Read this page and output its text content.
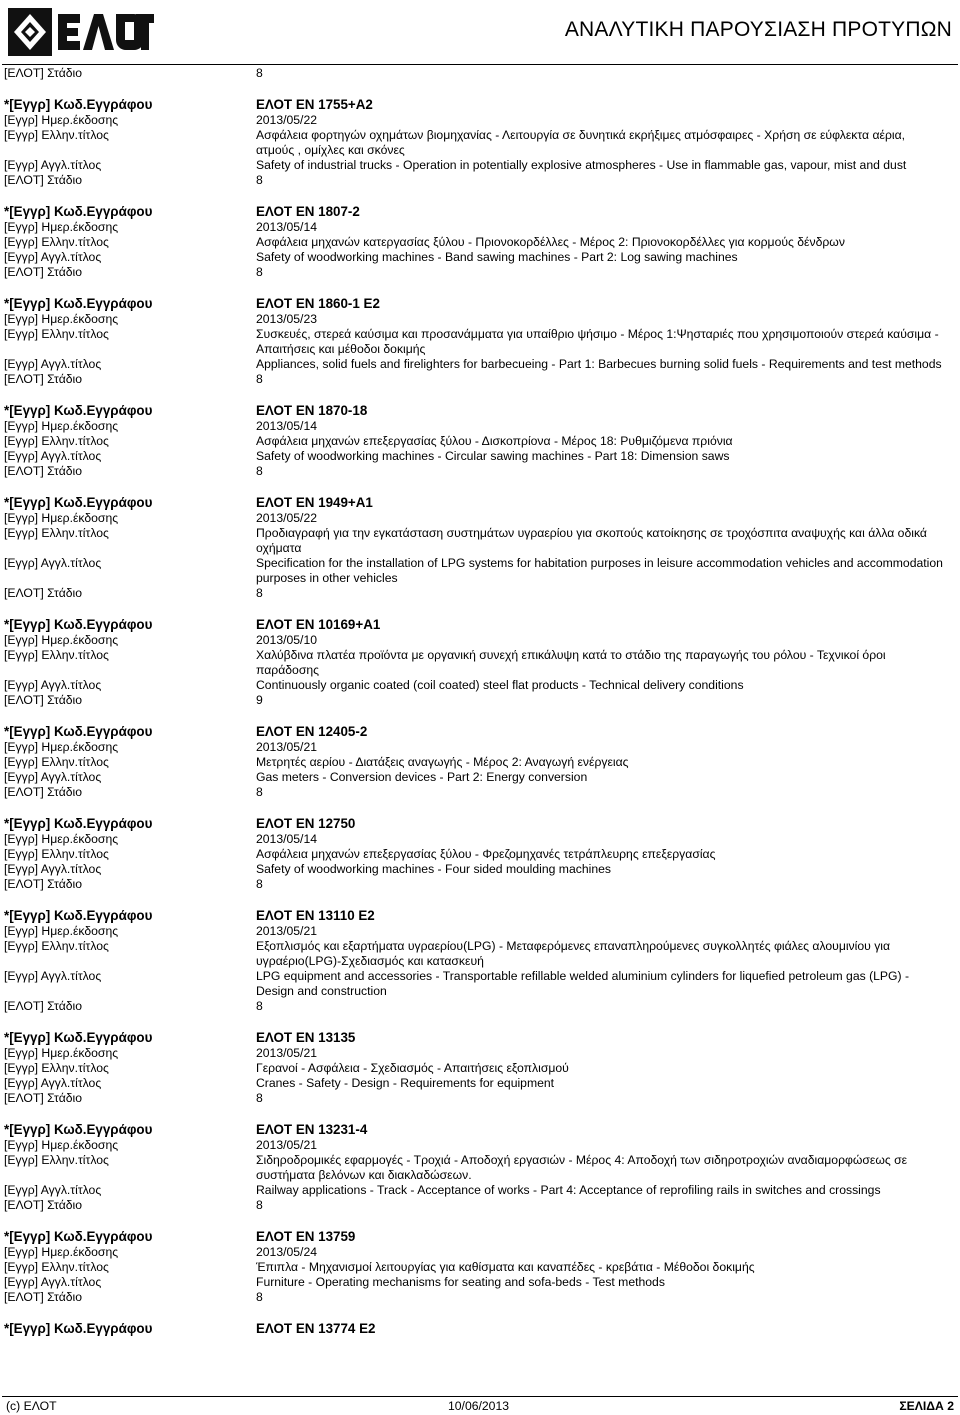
ΑΝΑΛΥΤΙΚΗ ΠΑΡΟΥΣΙΑΣΗ ΠΡΟΤΥΠΩΝ
[ΕΛΟΤ] Στάδιο	8
*[Εγγρ] Κωδ.Εγγράφου	ΕΛΟΤ EN 1755+A2
[Εγγρ] Ημερ.έκδοσης	2013/05/22
[Εγγρ] Ελλην.τίτλος	Ασφάλεια φορτηγών οχημάτων βιομηχανίας - Λειτουργία σε δυνητικά εκρήξιμες ατμόσφαιρες - Χρήση σε εύφλεκτα αέρια, ατμούς , ομίχλες και σκόνες
[Εγγρ] Αγγλ.τίτλος	Safety of industrial trucks - Operation in potentially explosive atmospheres - Use in flammable gas, vapour, mist and dust
[ΕΛΟΤ] Στάδιο	8
*[Εγγρ] Κωδ.Εγγράφου	ΕΛΟΤ EN 1807-2
[Εγγρ] Ημερ.έκδοσης	2013/05/14
[Εγγρ] Ελλην.τίτλος	Ασφάλεια μηχανών κατεργασίας ξύλου - Πριονοκορδέλλες - Μέρος 2: Πριονοκορδέλλες για κορμούς δένδρων
[Εγγρ] Αγγλ.τίτλος	Safety of woodworking machines - Band sawing machines - Part 2: Log sawing machines
[ΕΛΟΤ] Στάδιο	8
*[Εγγρ] Κωδ.Εγγράφου	ΕΛΟΤ EN 1860-1 E2
[Εγγρ] Ημερ.έκδοσης	2013/05/23
[Εγγρ] Ελλην.τίτλος	Συσκευές, στερεά καύσιμα και προσανάμματα για υπαίθριο ψήσιμο - Μέρος 1:Ψησταριές που χρησιμοποιούν στερεά καύσιμα - Απαιτήσεις και μέθοδοι δοκιμής
[Εγγρ] Αγγλ.τίτλος	Appliances, solid fuels and firelighters for barbecueing - Part 1: Barbecues burning solid fuels - Requirements and test methods
[ΕΛΟΤ] Στάδιο	8
*[Εγγρ] Κωδ.Εγγράφου	ΕΛΟΤ EN 1870-18
[Εγγρ] Ημερ.έκδοσης	2013/05/14
[Εγγρ] Ελλην.τίτλος	Ασφάλεια μηχανών επεξεργασίας ξύλου - Δισκοπρίονα - Μέρος 18: Ρυθμιζόμενα πριόνια
[Εγγρ] Αγγλ.τίτλος	Safety of woodworking machines - Circular sawing machines - Part 18: Dimension saws
[ΕΛΟΤ] Στάδιο	8
*[Εγγρ] Κωδ.Εγγράφου	ΕΛΟΤ EN 1949+A1
[Εγγρ] Ημερ.έκδοσης	2013/05/22
[Εγγρ] Ελλην.τίτλος	Προδιαγραφή για την εγκατάσταση συστημάτων υγραερίου για σκοπούς κατοίκησης σε τροχόσπιτα αναψυχής και άλλα οδικά οχήματα
[Εγγρ] Αγγλ.τίτλος	Specification for the installation of LPG systems for habitation purposes in leisure accommodation vehicles and accommodation purposes in other vehicles
[ΕΛΟΤ] Στάδιο	8
*[Εγγρ] Κωδ.Εγγράφου	ΕΛΟΤ EN 10169+A1
[Εγγρ] Ημερ.έκδοσης	2013/05/10
[Εγγρ] Ελλην.τίτλος	Χαλύβδινα πλατέα προϊόντα με οργανική συνεχή επικάλυψη κατά το στάδιο της παραγωγής του ρόλου - Τεχνικοί όροι παράδοσης
[Εγγρ] Αγγλ.τίτλος	Continuously organic coated (coil coated) steel flat products - Technical delivery conditions
[ΕΛΟΤ] Στάδιο	9
*[Εγγρ] Κωδ.Εγγράφου	ΕΛΟΤ EN 12405-2
[Εγγρ] Ημερ.έκδοσης	2013/05/21
[Εγγρ] Ελλην.τίτλος	Μετρητές αερίου - Διατάξεις αναγωγής - Μέρος 2: Αναγωγή ενέργειας
[Εγγρ] Αγγλ.τίτλος	Gas meters - Conversion devices - Part 2: Energy conversion
[ΕΛΟΤ] Στάδιο	8
*[Εγγρ] Κωδ.Εγγράφου	ΕΛΟΤ EN 12750
[Εγγρ] Ημερ.έκδοσης	2013/05/14
[Εγγρ] Ελλην.τίτλος	Ασφάλεια μηχανών επεξεργασίας ξύλου - Φρεζομηχανές τετράπλευρης επεξεργασίας
[Εγγρ] Αγγλ.τίτλος	Safety of woodworking machines - Four sided moulding machines
[ΕΛΟΤ] Στάδιο	8
*[Εγγρ] Κωδ.Εγγράφου	ΕΛΟΤ EN 13110 E2
[Εγγρ] Ημερ.έκδοσης	2013/05/21
[Εγγρ] Ελλην.τίτλος	Εξοπλισμός και εξαρτήματα υγραερίου(LPG) - Μεταφερόμενες επαναπληρούμενες συγκολλητές φιάλες αλουμινίου για υγραέριο(LPG)-Σχεδιασμός και κατασκευή
[Εγγρ] Αγγλ.τίτλος	LPG equipment and accessories - Transportable refillable welded aluminium cylinders for liquefied petroleum gas (LPG) - Design and construction
[ΕΛΟΤ] Στάδιο	8
*[Εγγρ] Κωδ.Εγγράφου	ΕΛΟΤ EN 13135
[Εγγρ] Ημερ.έκδοσης	2013/05/21
[Εγγρ] Ελλην.τίτλος	Γερανοί - Ασφάλεια - Σχεδιασμός - Απαιτήσεις εξοπλισμού
[Εγγρ] Αγγλ.τίτλος	Cranes - Safety - Design - Requirements for equipment
[ΕΛΟΤ] Στάδιο	8
*[Εγγρ] Κωδ.Εγγράφου	ΕΛΟΤ EN 13231-4
[Εγγρ] Ημερ.έκδοσης	2013/05/21
[Εγγρ] Ελλην.τίτλος	Σιδηροδρομικές εφαρμογές - Τροχιά - Αποδοχή εργασιών - Μέρος 4: Αποδοχή των σιδηροτροχιών αναδιαμορφώσεως σε συστήματα βελόνων και διακλαδώσεων.
[Εγγρ] Αγγλ.τίτλος	Railway applications - Track - Acceptance of works - Part 4: Acceptance of reprofiling rails in switches and crossings
[ΕΛΟΤ] Στάδιο	8
*[Εγγρ] Κωδ.Εγγράφου	ΕΛΟΤ EN 13759
[Εγγρ] Ημερ.έκδοσης	2013/05/24
[Εγγρ] Ελλην.τίτλος	Έπιπλα - Μηχανισμοί λειτουργίας για καθίσματα και καναπέδες - κρεβάτια - Μέθοδοι δοκιμής
[Εγγρ] Αγγλ.τίτλος	Furniture - Operating mechanisms for seating and sofa-beds - Test methods
[ΕΛΟΤ] Στάδιο	8
*[Εγγρ] Κωδ.Εγγράφου	ΕΛΟΤ EN 13774 E2
(c) ΕΛΟΤ	10/06/2013	ΣΕΛΙΔΑ 2
